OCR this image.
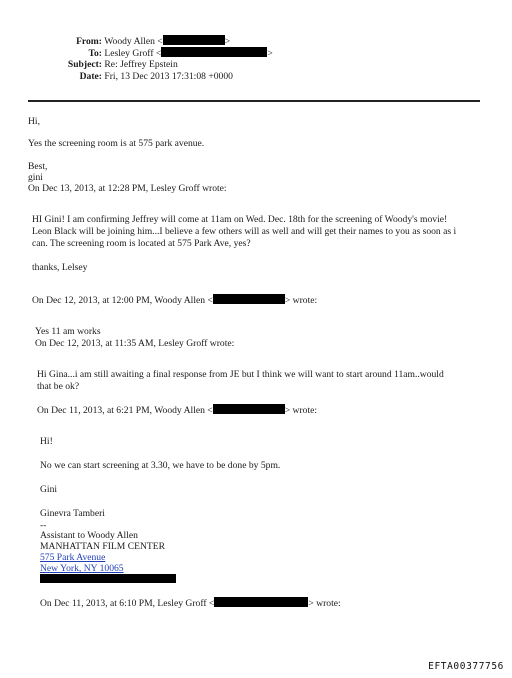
From: Woody Allen <	>
To: Lesley Groff <	>
Subject: Re: Jeffrey Epstein
Date: Fri, 13 Dec 2013 17:31:08 +0000
Hi,
Yes the screening room is at 575 park avenue.
Best,
gini
On Dec 13, 2013, at 12:28 PM, Lesley Groff wrote:
HI Gini! I am confirming Jeffrey will come at 11am on Wed. Dec. 18th for the screening of Woody's movie!
Leon Black will be joining him...I believe a few others will as well and will get their names to you as soon as i
can. The screening room is located at 575 Park Ave, yes?
thanks, Lelsey
On Dec 12, 2013, at 12:00 PM, Woody Allen <	> wrote:
Yes 11 am works
On Dec 12, 2013, at 11:35 AM, Lesley Groff wrote:
Hi Gina...i am still awaiting a final response from JE but I think we will want to start around 11am..would
that be ok?
On Dec 11, 2013, at 6:21 PM, Woody Allen <	> wrote:
Hi!
No we can start screening at 3.30, we have to be done by 5pm.
Gini
Ginevra Tamberi
--
Assistant to Woody Allen
MANHATTAN FILM CENTER
575 Park Avenue
New York, NY 10065
On Dec 11, 2013, at 6:10 PM, Lesley Groff <	> wrote:
EFTA00377756
